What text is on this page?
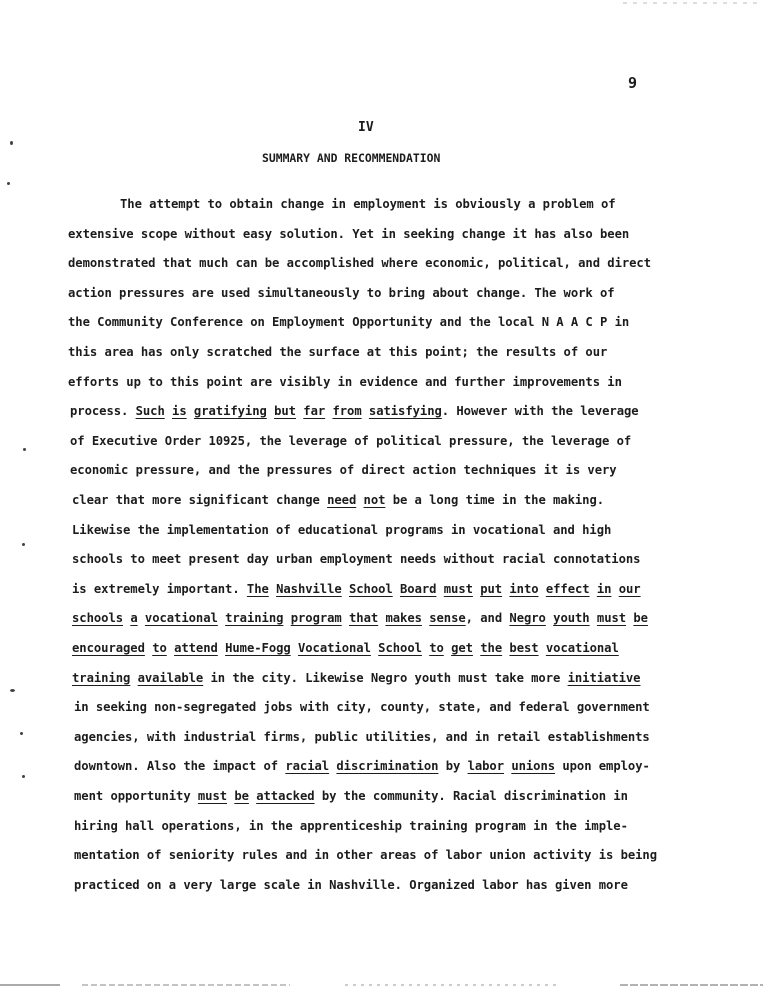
9
IV
SUMMARY AND RECOMMENDATION
The attempt to obtain change in employment is obviously a problem of
extensive scope without easy solution. Yet in seeking change it has also been
demonstrated that much can be accomplished where economic, political, and direct
action pressures are used simultaneously to bring about change. The work of
the Community Conference on Employment Opportunity and the local N A A C P in
this area has only scratched the surface at this point; the results of our
efforts up to this point are visibly in evidence and further improvements in
process. Such is gratifying but far from satisfying. However with the leverage
of Executive Order 10925, the leverage of political pressure, the leverage of
economic pressure, and the pressures of direct action techniques it is very
clear that more significant change need not be a long time in the making.
Likewise the implementation of educational programs in vocational and high
schools to meet present day urban employment needs without racial connotations
is extremely important. The Nashville School Board must put into effect in our
schools a vocational training program that makes sense, and Negro youth must be
encouraged to attend Hume-Fogg Vocational School to get the best vocational
training available in the city. Likewise Negro youth must take more initiative
in seeking non-segregated jobs with city, county, state, and federal government
agencies, with industrial firms, public utilities, and in retail establishments
downtown. Also the impact of racial discrimination by labor unions upon employ-
ment opportunity must be attacked by the community. Racial discrimination in
hiring hall operations, in the apprenticeship training program in the imple-
mentation of seniority rules and in other areas of labor union activity is being
practiced on a very large scale in Nashville. Organized labor has given more
